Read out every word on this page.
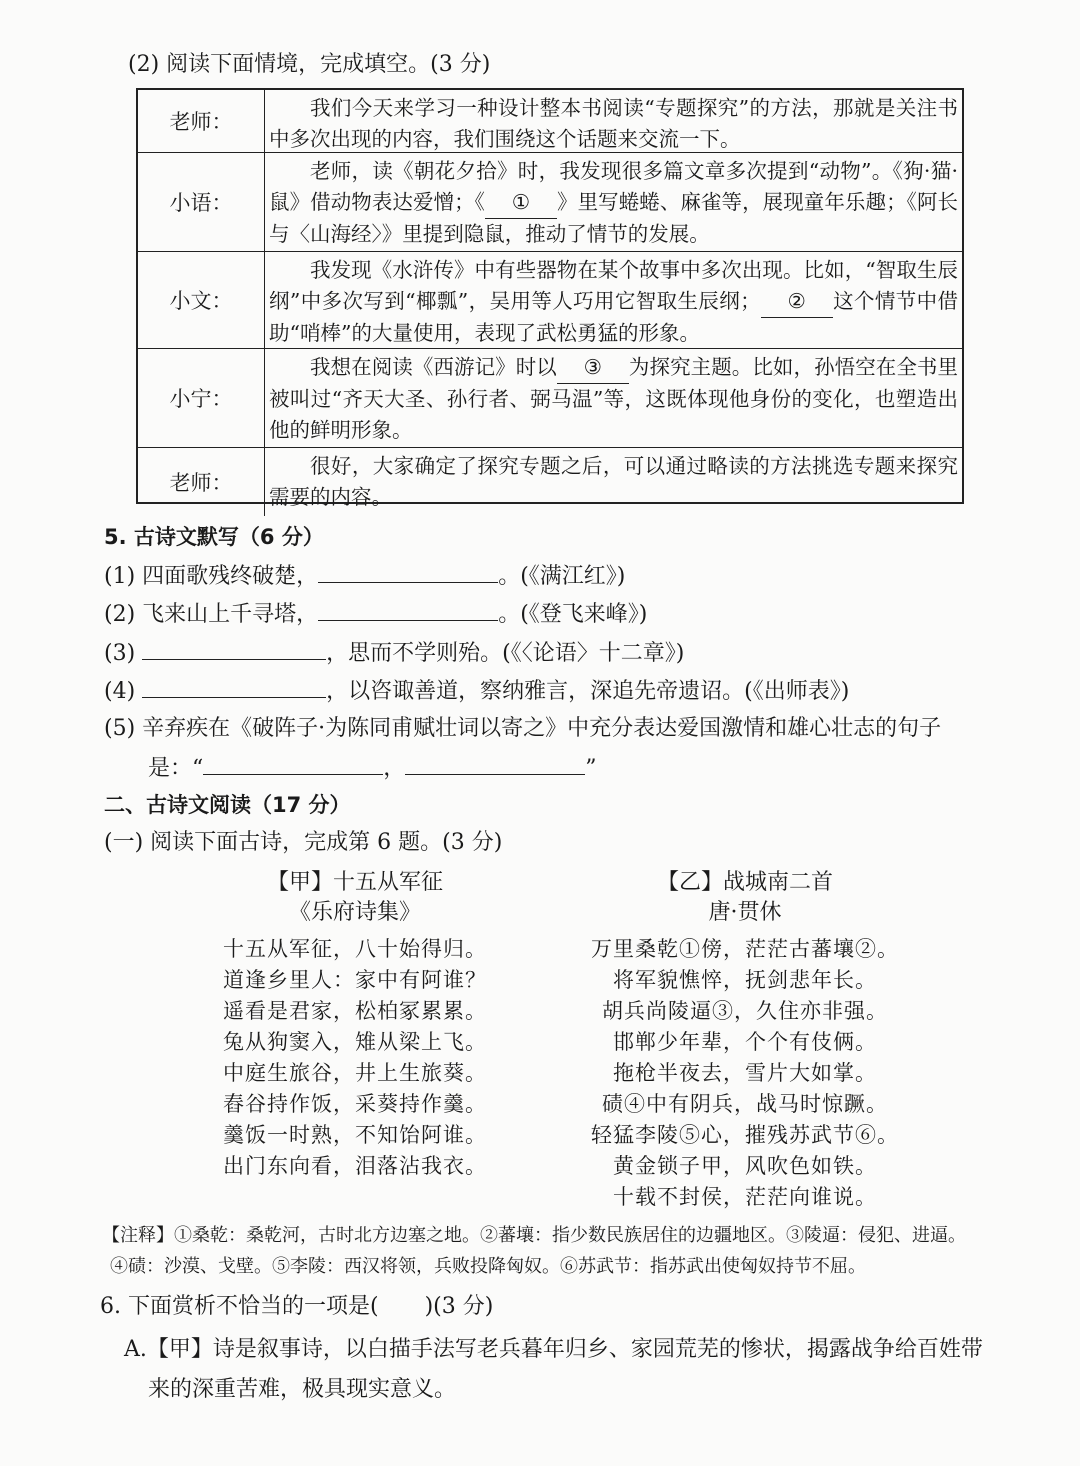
(2) 阅读下面情境，完成填空。(3 分)
老师：
我们今天来学习一种设计整本书阅读“专题探究”的方法，那就是关注书中多次出现的内容，我们围绕这个话题来交流一下。
小语：
老师，读《朝花夕拾》时，我发现很多篇文章多次提到“动物”。《狗·猫·鼠》借动物表达爱憎；《 ① 》里写蜷蜷、麻雀等，展现童年乐趣；《阿长与〈山海经〉》里提到隐鼠，推动了情节的发展。
小文：
我发现《水浒传》中有些器物在某个故事中多次出现。比如，“智取生辰纲”中多次写到“椰瓢”，吴用等人巧用它智取生辰纲； ② 这个情节中借助“哨棒”的大量使用，表现了武松勇猛的形象。
小宁：
我想在阅读《西游记》时以 ③ 为探究主题。比如，孙悟空在全书里被叫过“齐天大圣、孙行者、弼马温”等，这既体现他身份的变化，也塑造出他的鲜明形象。
老师：
很好，大家确定了探究专题之后，可以通过略读的方法挑选专题来探究需要的内容。
5. 古诗文默写（6 分）
(1) 四面歌残终破楚，	。(《满江红》)
(2) 飞来山上千寻塔，	。(《登飞来峰》)
(3)	，思而不学则殆。(《〈论语〉十二章》)
(4)	，以咨诹善道，察纳雅言，深追先帝遗诏。(《出师表》)
(5) 辛弃疾在《破阵子·为陈同甫赋壮词以寄之》中充分表达爱国激情和雄心壮志的句子
是：“	，	”
二、古诗文阅读（17 分）
(一) 阅读下面古诗，完成第 6 题。(3 分)
【甲】十五从军征
《乐府诗集》
十五从军征，八十始得归。
道逢乡里人：家中有阿谁？
遥看是君家，松柏冢累累。
兔从狗窦入，雉从梁上飞。
中庭生旅谷，井上生旅葵。
舂谷持作饭，采葵持作羹。
羹饭一时熟，不知饴阿谁。
出门东向看，泪落沾我衣。
【乙】战城南二首
唐·贯休
万里桑乾①傍，茫茫古蕃壤②。
将军貌憔悴，抚剑悲年长。
胡兵尚陵逼③，久住亦非强。
邯郸少年辈，个个有伎俩。
拖枪半夜去，雪片大如掌。
碛④中有阴兵，战马时惊蹶。
轻猛李陵⑤心，摧残苏武节⑥。
黄金锁子甲，风吹色如铁。
十载不封侯，茫茫向谁说。
【注释】①桑乾：桑乾河，古时北方边塞之地。②蕃壤：指少数民族居住的边疆地区。③陵逼：侵犯、进逼。
④碛：沙漠、戈壁。⑤李陵：西汉将领，兵败投降匈奴。⑥苏武节：指苏武出使匈奴持节不屈。
6. 下面赏析不恰当的一项是( )(3 分)
A.【甲】诗是叙事诗，以白描手法写老兵暮年归乡、家园荒芜的惨状，揭露战争给百姓带
来的深重苦难，极具现实意义。
